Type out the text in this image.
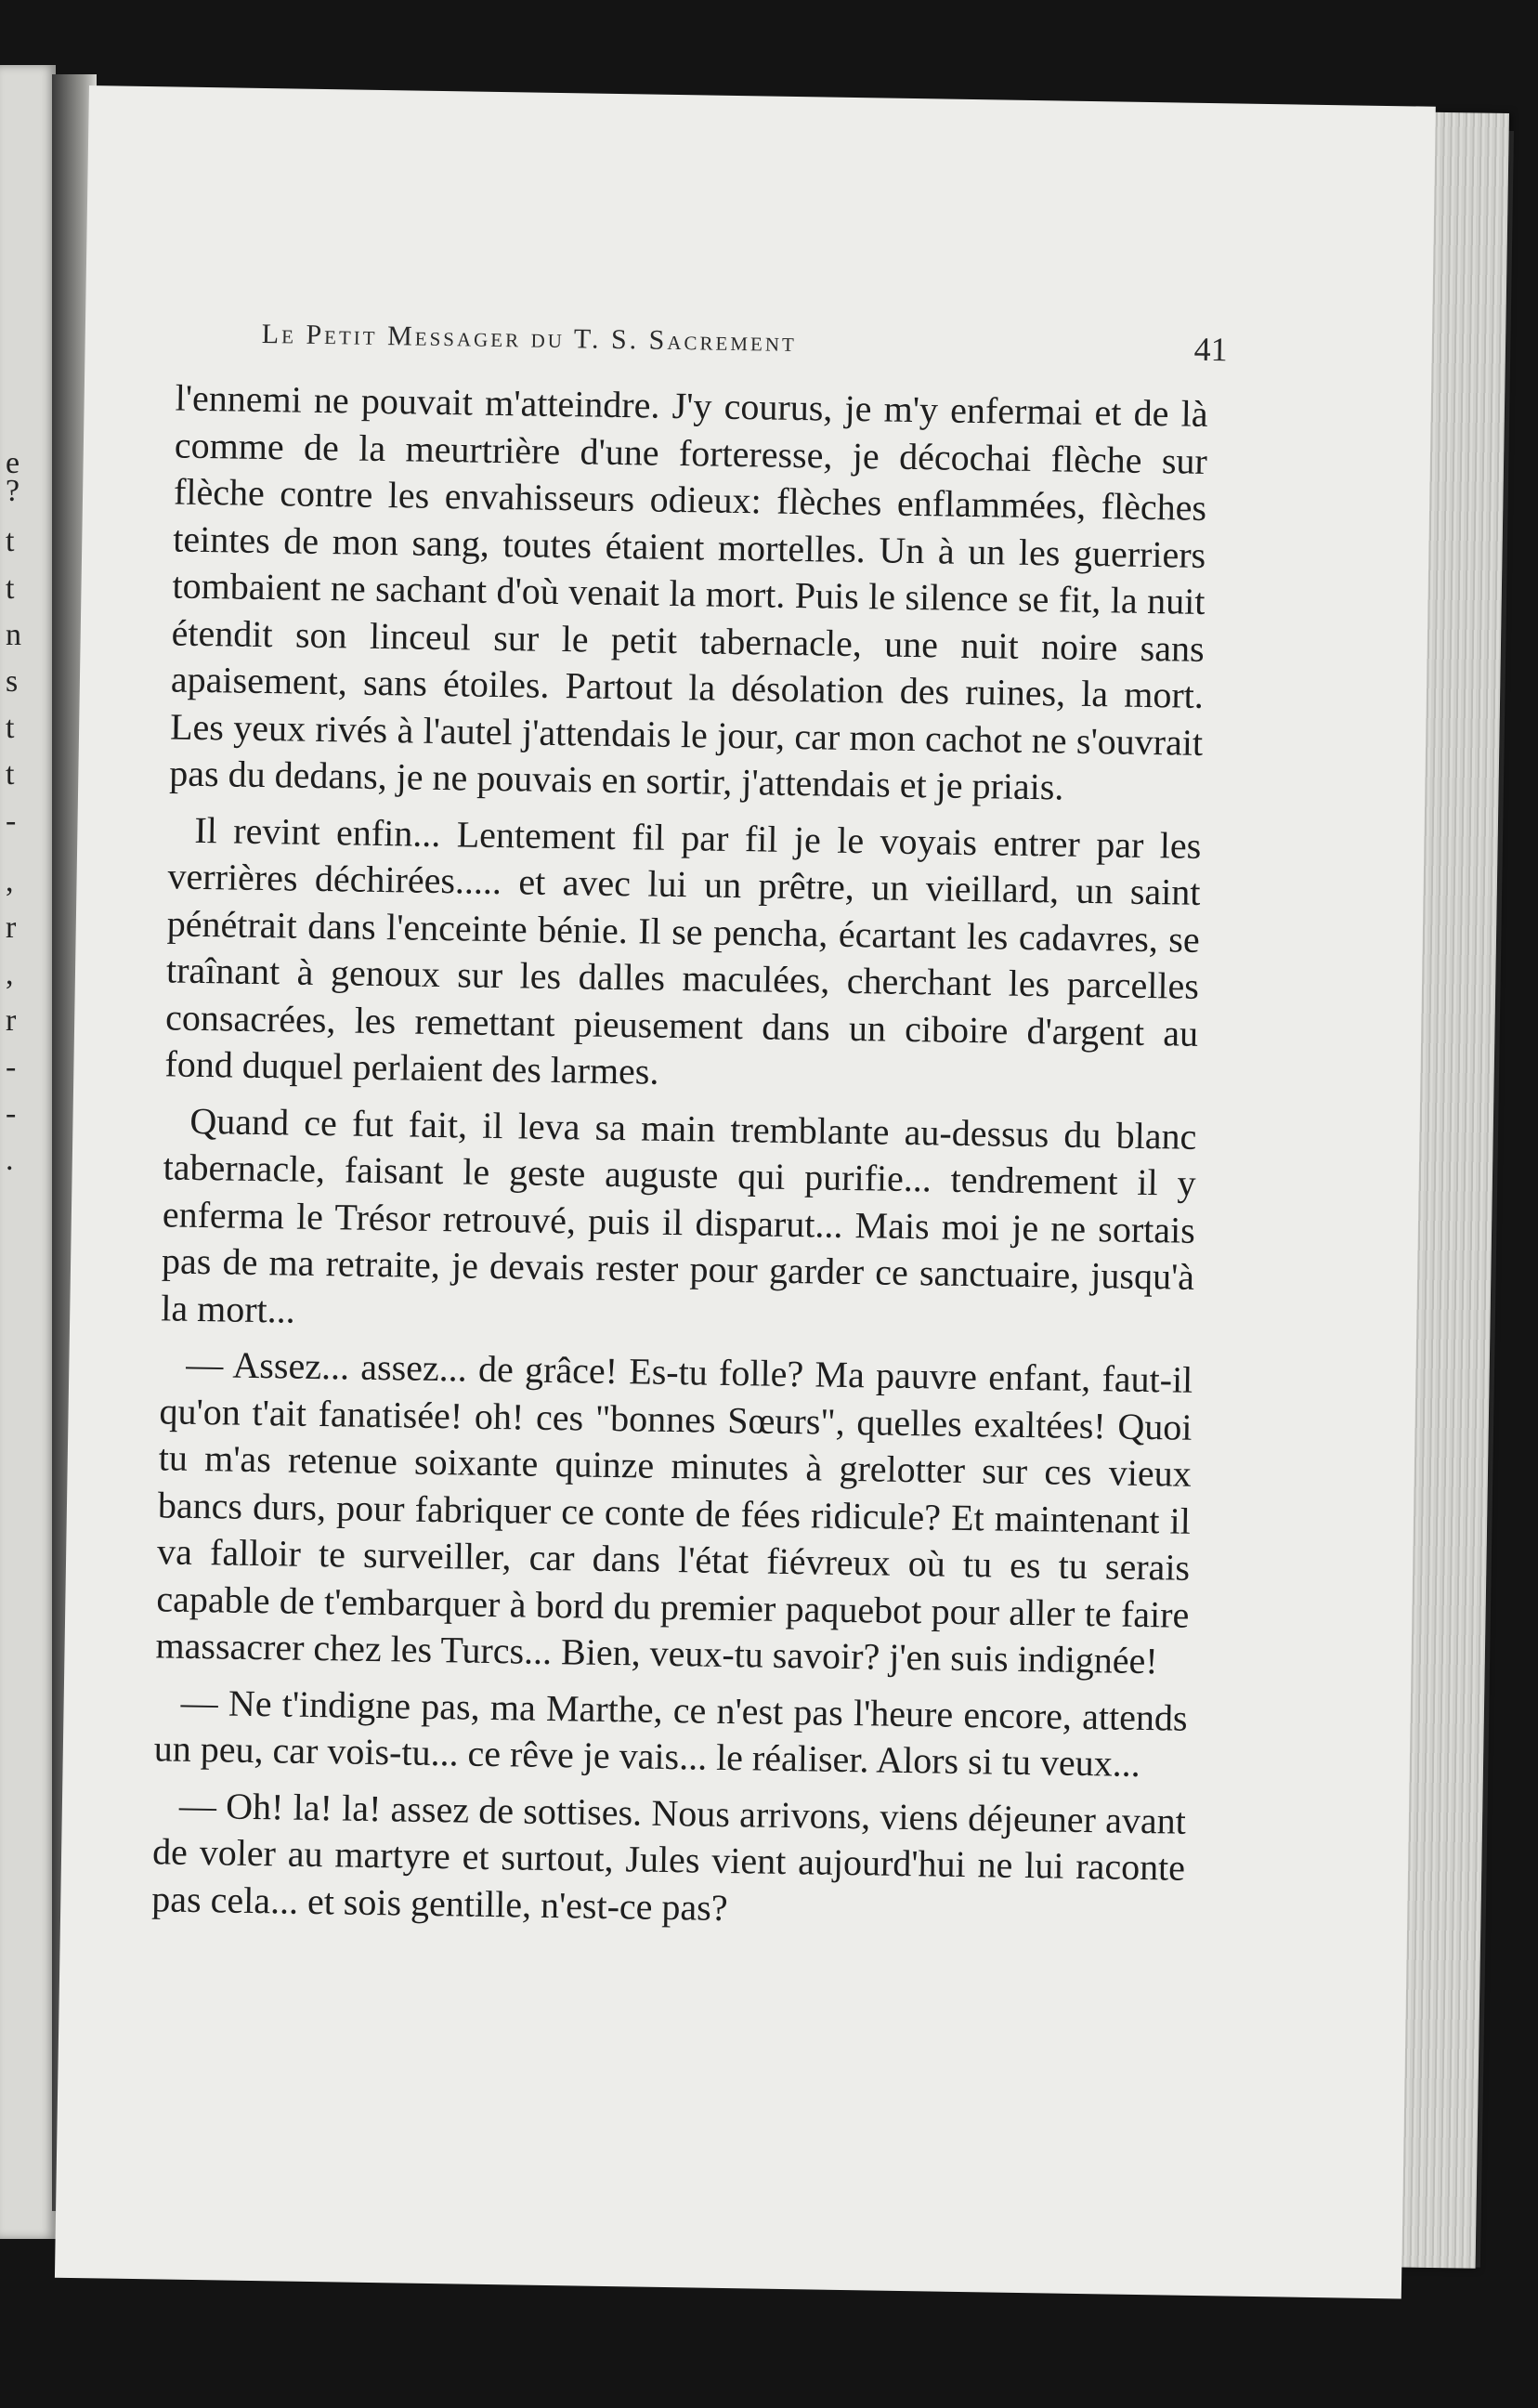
e
?
t
t
n
s
t
t
-
,
r
,
r
-
-
.
Le Petit Messager du T. S. Sacrement	41

l'ennemi ne pouvait m'atteindre. J'y courus, je m'y enfermai et de là comme de la meurtrière d'une forteresse, je décochai flèche sur flèche contre les envahisseurs odieux: flèches enflammées, flèches teintes de mon sang, toutes étaient mortelles. Un à un les guerriers tombaient ne sachant d'où venait la mort. Puis le silence se fit, la nuit étendit son linceul sur le petit tabernacle, une nuit noire sans apaisement, sans étoiles. Partout la désolation des ruines, la mort. Les yeux rivés à l'autel j'attendais le jour, car mon cachot ne s'ouvrait pas du dedans, je ne pouvais en sortir, j'attendais et je priais.

Il revint enfin... Lentement fil par fil je le voyais entrer par les verrières déchirées..... et avec lui un prêtre, un vieillard, un saint pénétrait dans l'enceinte bénie. Il se pencha, écartant les cadavres, se traînant à genoux sur les dalles maculées, cherchant les parcelles consacrées, les remettant pieusement dans un ciboire d'argent au fond duquel perlaient des larmes.

Quand ce fut fait, il leva sa main tremblante au-dessus du blanc tabernacle, faisant le geste auguste qui purifie... tendrement il y enferma le Trésor retrouvé, puis il disparut... Mais moi je ne sortais pas de ma retraite, je devais rester pour garder ce sanctuaire, jusqu'à la mort...

— Assez... assez... de grâce! Es-tu folle? Ma pauvre enfant, faut-il qu'on t'ait fanatisée! oh! ces "bonnes Sœurs", quelles exaltées! Quoi tu m'as retenue soixante quinze minutes à grelotter sur ces vieux bancs durs, pour fabriquer ce conte de fées ridicule? Et maintenant il va falloir te surveiller, car dans l'état fiévreux où tu es tu serais capable de t'embarquer à bord du premier paquebot pour aller te faire massacrer chez les Turcs... Bien, veux-tu savoir? j'en suis indignée!

— Ne t'indigne pas, ma Marthe, ce n'est pas l'heure encore, attends un peu, car vois-tu... ce rêve je vais... le réaliser. Alors si tu veux...

— Oh! la! la! assez de sottises. Nous arrivons, viens déjeuner avant de voler au martyre et surtout, Jules vient aujourd'hui ne lui raconte pas cela... et sois gentille, n'est-ce pas?
